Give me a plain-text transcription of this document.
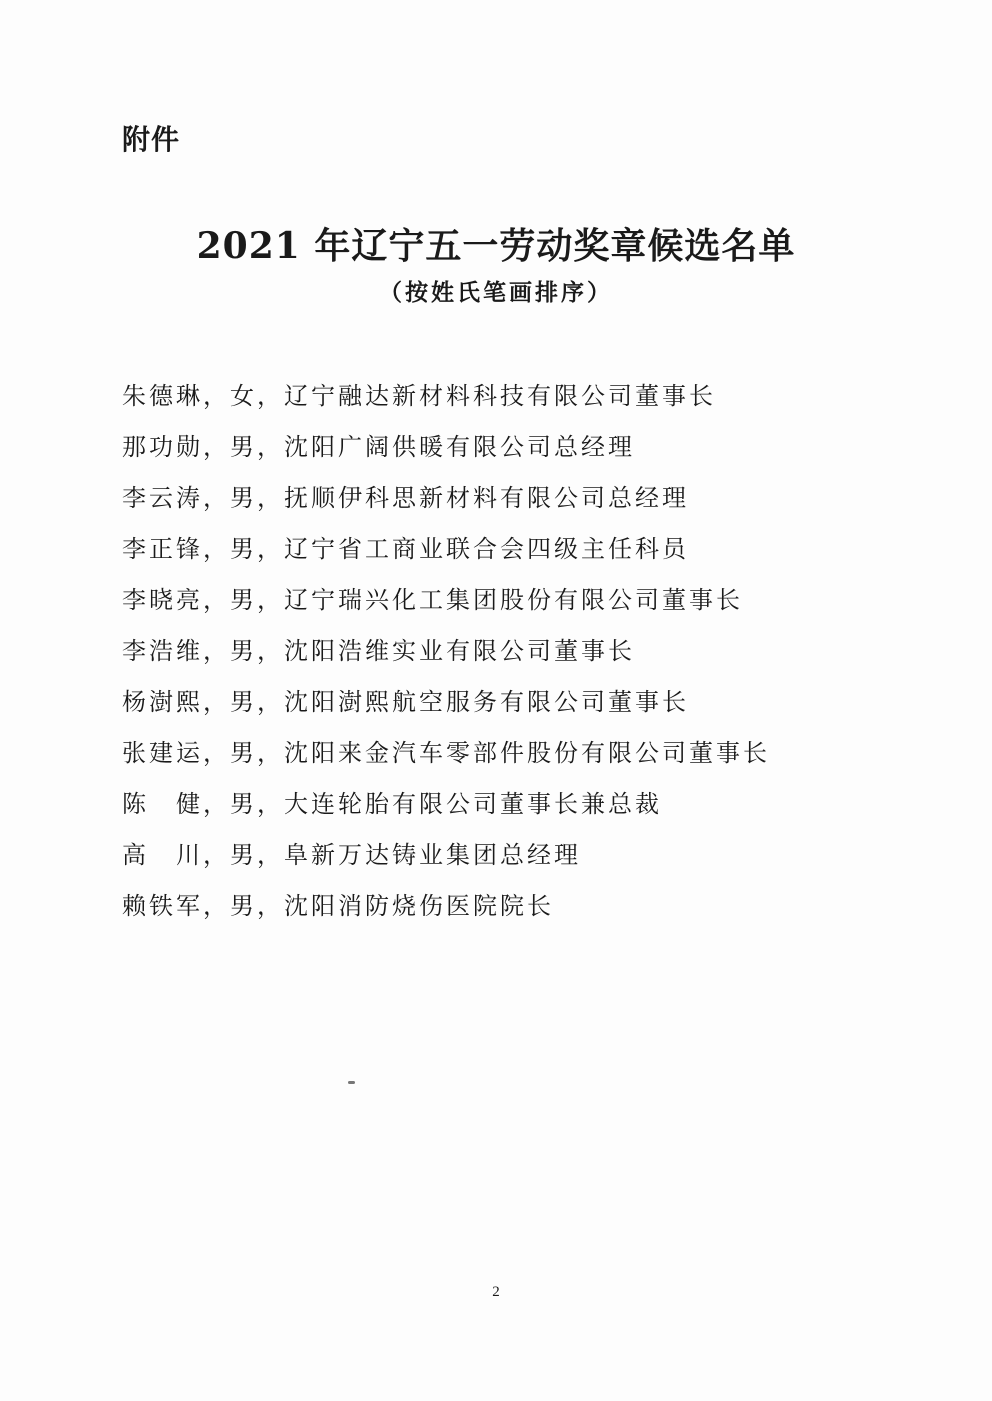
附件
2021 年辽宁五一劳动奖章候选名单
（按姓氏笔画排序）
朱德琳，女，辽宁融达新材料科技有限公司董事长
那功勋，男，沈阳广阔供暖有限公司总经理
李云涛，男，抚顺伊科思新材料有限公司总经理
李正锋，男，辽宁省工商业联合会四级主任科员
李晓亮，男，辽宁瑞兴化工集团股份有限公司董事长
李浩维，男，沈阳浩维实业有限公司董事长
杨澍熙，男，沈阳澍熙航空服务有限公司董事长
张建运，男，沈阳来金汽车零部件股份有限公司董事长
陈　健，男，大连轮胎有限公司董事长兼总裁
高　川，男，阜新万达铸业集团总经理
赖铁军，男，沈阳消防烧伤医院院长
2
